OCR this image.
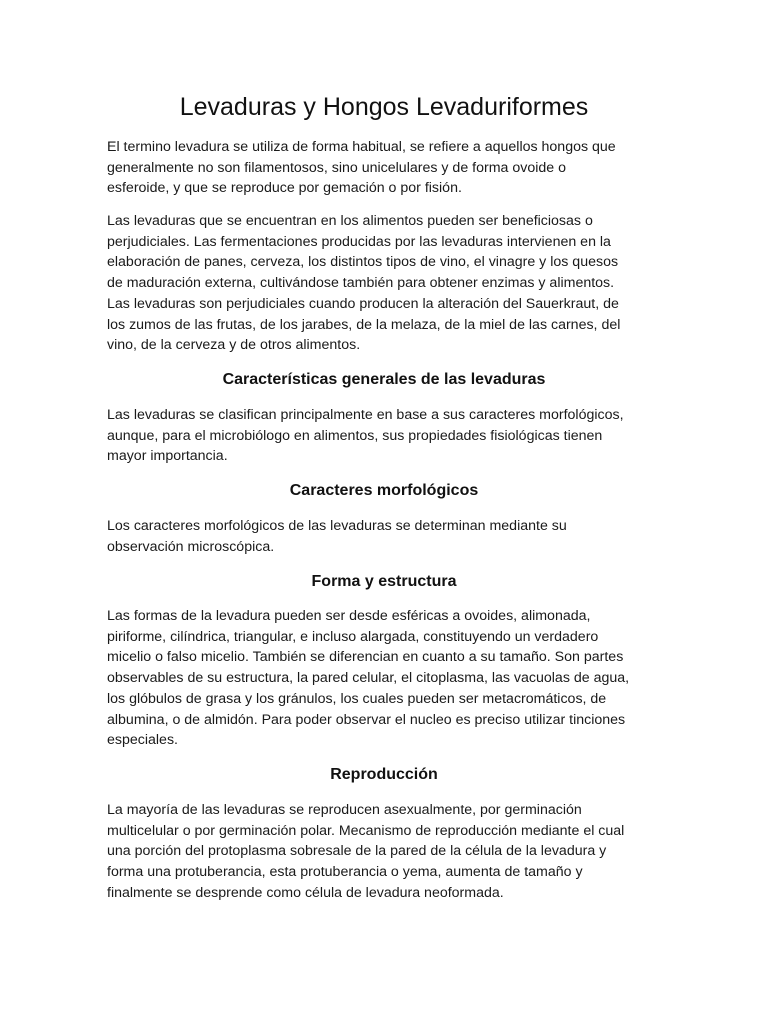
Levaduras y Hongos Levaduriformes

El termino levadura se utiliza de forma habitual, se refiere a aquellos hongos que
generalmente no son filamentosos, sino unicelulares y de forma ovoide o
esferoide, y que se reproduce por gemación o por fisión.

Las levaduras que se encuentran en los alimentos pueden ser beneficiosas o
perjudiciales. Las fermentaciones producidas por las levaduras intervienen en la
elaboración de panes, cerveza, los distintos tipos de vino, el vinagre y los quesos
de maduración externa, cultivándose también para obtener enzimas y alimentos.
Las levaduras son perjudiciales cuando producen la alteración del Sauerkraut, de
los zumos de las frutas, de los jarabes, de la melaza, de la miel de las carnes, del
vino, de la cerveza y de otros alimentos.

Características generales de las levaduras

Las levaduras se clasifican principalmente en base a sus caracteres morfológicos,
aunque, para el microbiólogo en alimentos, sus propiedades fisiológicas tienen
mayor importancia.

Caracteres morfológicos

Los caracteres morfológicos de las levaduras se determinan mediante su
observación microscópica.

Forma y estructura

Las formas de la levadura pueden ser desde esféricas a ovoides, alimonada,
piriforme, cilíndrica, triangular, e incluso alargada, constituyendo un verdadero
micelio o falso micelio. También se diferencian en cuanto a su tamaño. Son partes
observables de su estructura, la pared celular, el citoplasma, las vacuolas de agua,
los glóbulos de grasa y los gránulos, los cuales pueden ser metacromáticos, de
albumina, o de almidón. Para poder observar el nucleo es preciso utilizar tinciones
especiales.

Reproducción

La mayoría de las levaduras se reproducen asexualmente, por germinación
multicelular o por germinación polar. Mecanismo de reproducción mediante el cual
una porción del protoplasma sobresale de la pared de la célula de la levadura y
forma una protuberancia, esta protuberancia o yema, aumenta de tamaño y
finalmente se desprende como célula de levadura neoformada.
